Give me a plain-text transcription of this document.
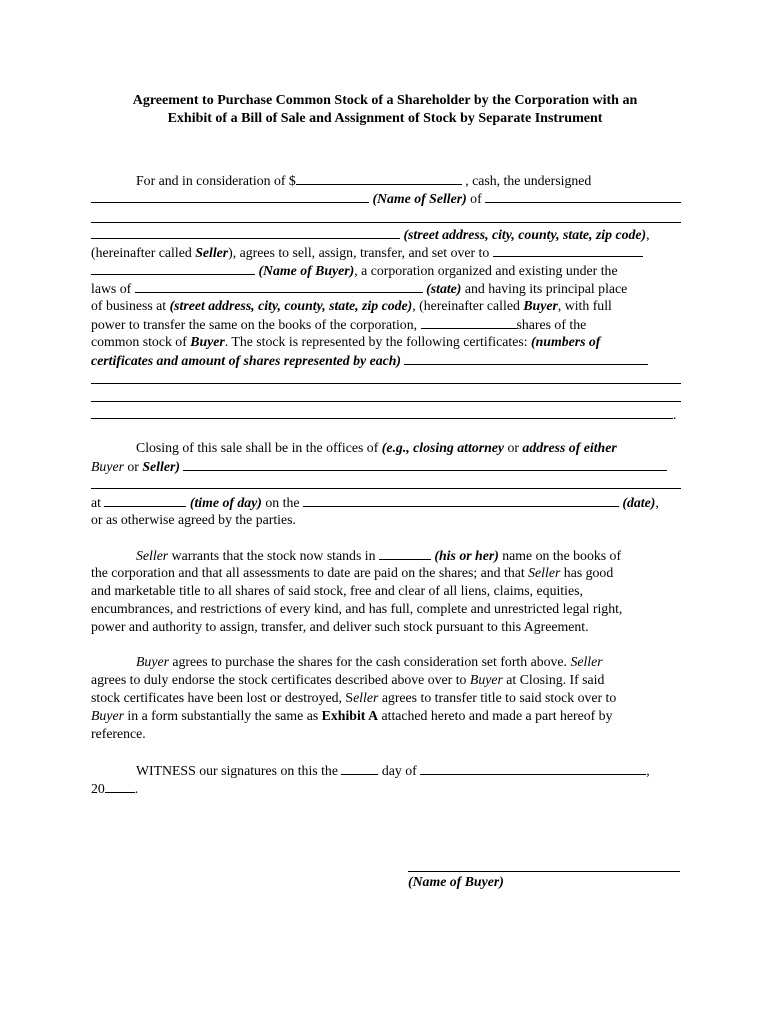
Agreement to Purchase Common Stock of a Shareholder by the Corporation with an
Exhibit of a Bill of Sale and Assignment of Stock by Separate Instrument
For and in consideration of $
	, cash, the undersigned

(Name of Seller)
of

(street address, city, county, state, zip code) ,
(hereinafter called
Seller ), agrees to sell, assign, transfer, and set over to

(Name of Buyer) , a corporation organized and existing under the
laws of

	(state)
and having its principal place
of business at
(street address, city, county, state, zip code) , (hereinafter called
Buyer , with full
power to transfer the same on the books of the corporation,
	shares of the
common stock of
Buyer . The stock is represented by the following certificates:
(numbers of
certificates and amount of shares represented by each)

.
Closing of this sale shall be in the offices of
(e.g., closing attorney
or
address of either
Buyer
or
Seller)

at

	(time of day)
on the

	(date) ,
or as otherwise agreed by the parties.
Seller
warrants that the stock now stands in

	(his or her)
name on the books of
the corporation and that all assessments to date are paid on the shares; and that
Seller
has good
and marketable title to all shares of said stock, free and clear of all liens, claims, equities,
encumbrances, and restrictions of every kind, and has full, complete and unrestricted legal right,
power and authority to assign, transfer, and deliver such stock pursuant to this Agreement.
Buyer
agrees to purchase the shares for the cash consideration set forth above.
Seller
agrees to duly endorse the stock certificates described above over to
Buyer
at Closing. If said
stock certificates have been lost or destroyed, S eller
agrees to transfer title to said stock over to
Buyer
in a form substantially the same as
Exhibit A
attached hereto and made a part hereof by
reference.
WITNESS our signatures on this the

	day of
	,
20 .
(Name of Buyer)
